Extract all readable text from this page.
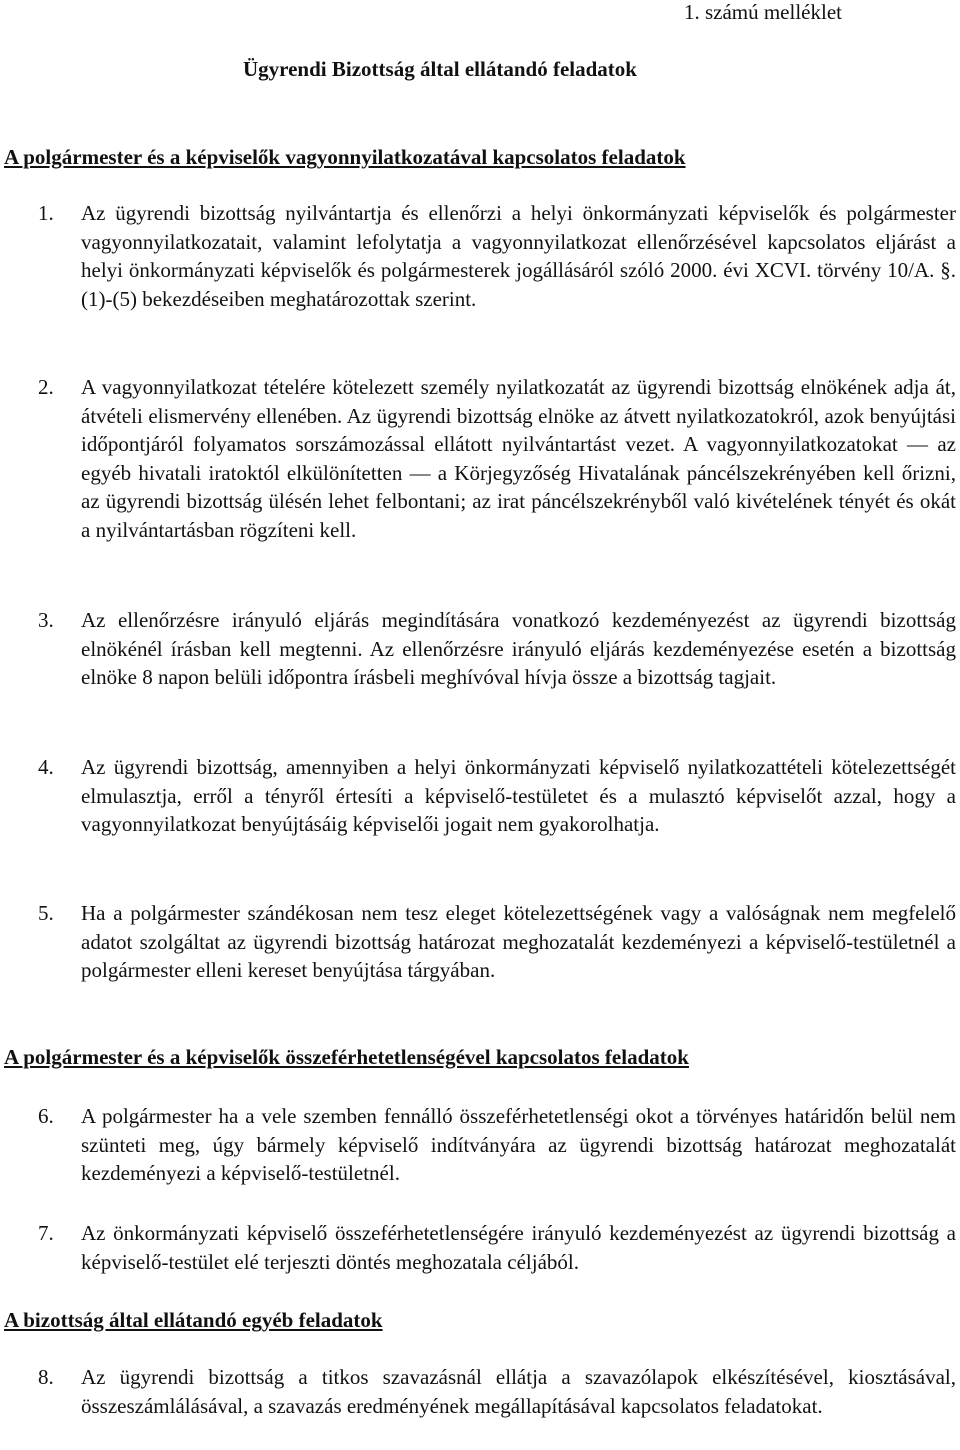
1. számú melléklet

Ügyrendi Bizottság által ellátandó feladatok
A polgármester és a képviselők vagyonnyilatkozatával kapcsolatos feladatok
1. Az ügyrendi bizottság nyilvántartja és ellenőrzi a helyi önkormányzati képviselők és polgármester vagyonnyilatkozatait, valamint lefolytatja a vagyonnyilatkozat ellenőrzésével kapcsolatos eljárást a helyi önkormányzati képviselők és polgármesterek jogállásáról szóló 2000. évi XCVI. törvény 10/A. §. (1)-(5) bekezdéseiben meghatározottak szerint.

2. A vagyonnyilatkozat tételére kötelezett személy nyilatkozatát az ügyrendi bizottság elnökének adja át, átvételi elismervény ellenében. Az ügyrendi bizottság elnöke az átvett nyilatkozatokról, azok benyújtási időpontjáról folyamatos sorszámozással ellátott nyilvántartást vezet. A vagyonnyilatkozatokat — az egyéb hivatali iratoktól elkülönítetten — a Körjegyzőség Hivatalának páncélszekrényében kell őrizni, az ügyrendi bizottság ülésén lehet felbontani; az irat páncélszekrényből való kivételének tényét és okát a nyilvántartásban rögzíteni kell.

3. Az ellenőrzésre irányuló eljárás megindítására vonatkozó kezdeményezést az ügyrendi bizottság elnökénél írásban kell megtenni. Az ellenőrzésre irányuló eljárás kezdeményezése esetén a bizottság elnöke 8 napon belüli időpontra írásbeli meghívóval hívja össze a bizottság tagjait.

4. Az ügyrendi bizottság, amennyiben a helyi önkormányzati képviselő nyilatkozattételi kötelezettségét elmulasztja, erről a tényről értesíti a képviselő-testületet és a mulasztó képviselőt azzal, hogy a vagyonnyilatkozat benyújtásáig képviselői jogait nem gyakorolhatja.

5. Ha a polgármester szándékosan nem tesz eleget kötelezettségének vagy a valóságnak nem megfelelő adatot szolgáltat az ügyrendi bizottság határozat meghozatalát kezdeményezi a képviselő-testületnél a polgármester elleni kereset benyújtása tárgyában.

A polgármester és a képviselők összeférhetetlenségével kapcsolatos feladatok
6. A polgármester ha a vele szemben fennálló összeférhetetlenségi okot a törvényes határidőn belül nem szünteti meg, úgy bármely képviselő indítványára az ügyrendi bizottság határozat meghozatalát kezdeményezi a képviselő-testületnél.

7. Az önkormányzati képviselő összeférhetetlenségére irányuló kezdeményezést az ügyrendi bizottság a képviselő-testület elé terjeszti döntés meghozatala céljából.

A bizottság által ellátandó egyéb feladatok
8. Az ügyrendi bizottság a titkos szavazásnál ellátja a szavazólapok elkészítésével, kiosztásával, összeszámlálásával, a szavazás eredményének megállapításával kapcsolatos feladatokat.
